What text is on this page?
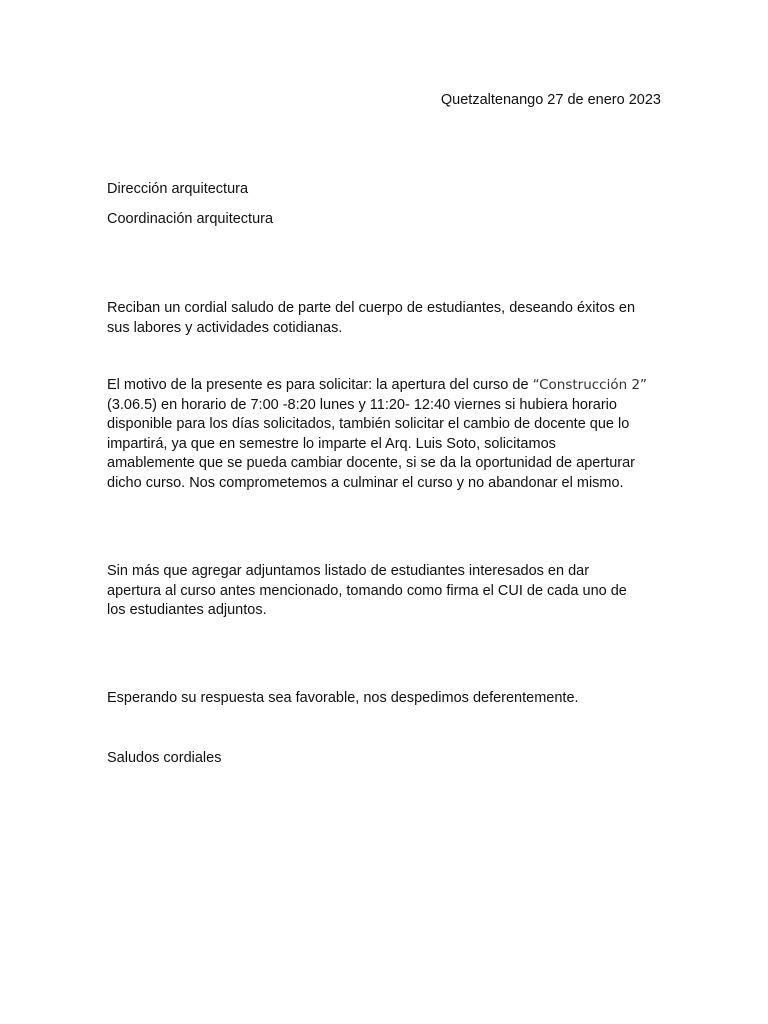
Quetzaltenango 27 de enero 2023
Dirección arquitectura
Coordinación arquitectura
Reciban un cordial saludo de parte del cuerpo de estudiantes, deseando éxitos en
sus labores y actividades cotidianas.
El motivo de la presente es para solicitar: la apertura del curso de “Construcción 2”
(3.06.5) en horario de 7:00 -8:20 lunes y 11:20- 12:40 viernes si hubiera horario
disponible para los días solicitados, también solicitar el cambio de docente que lo
impartirá, ya que en semestre lo imparte el Arq. Luis Soto, solicitamos
amablemente que se pueda cambiar docente, si se da la oportunidad de aperturar
dicho curso. Nos comprometemos a culminar el curso y no abandonar el mismo.
Sin más que agregar adjuntamos listado de estudiantes interesados en dar
apertura al curso antes mencionado, tomando como firma el CUI de cada uno de
los estudiantes adjuntos.
Esperando su respuesta sea favorable, nos despedimos deferentemente.
Saludos cordiales
